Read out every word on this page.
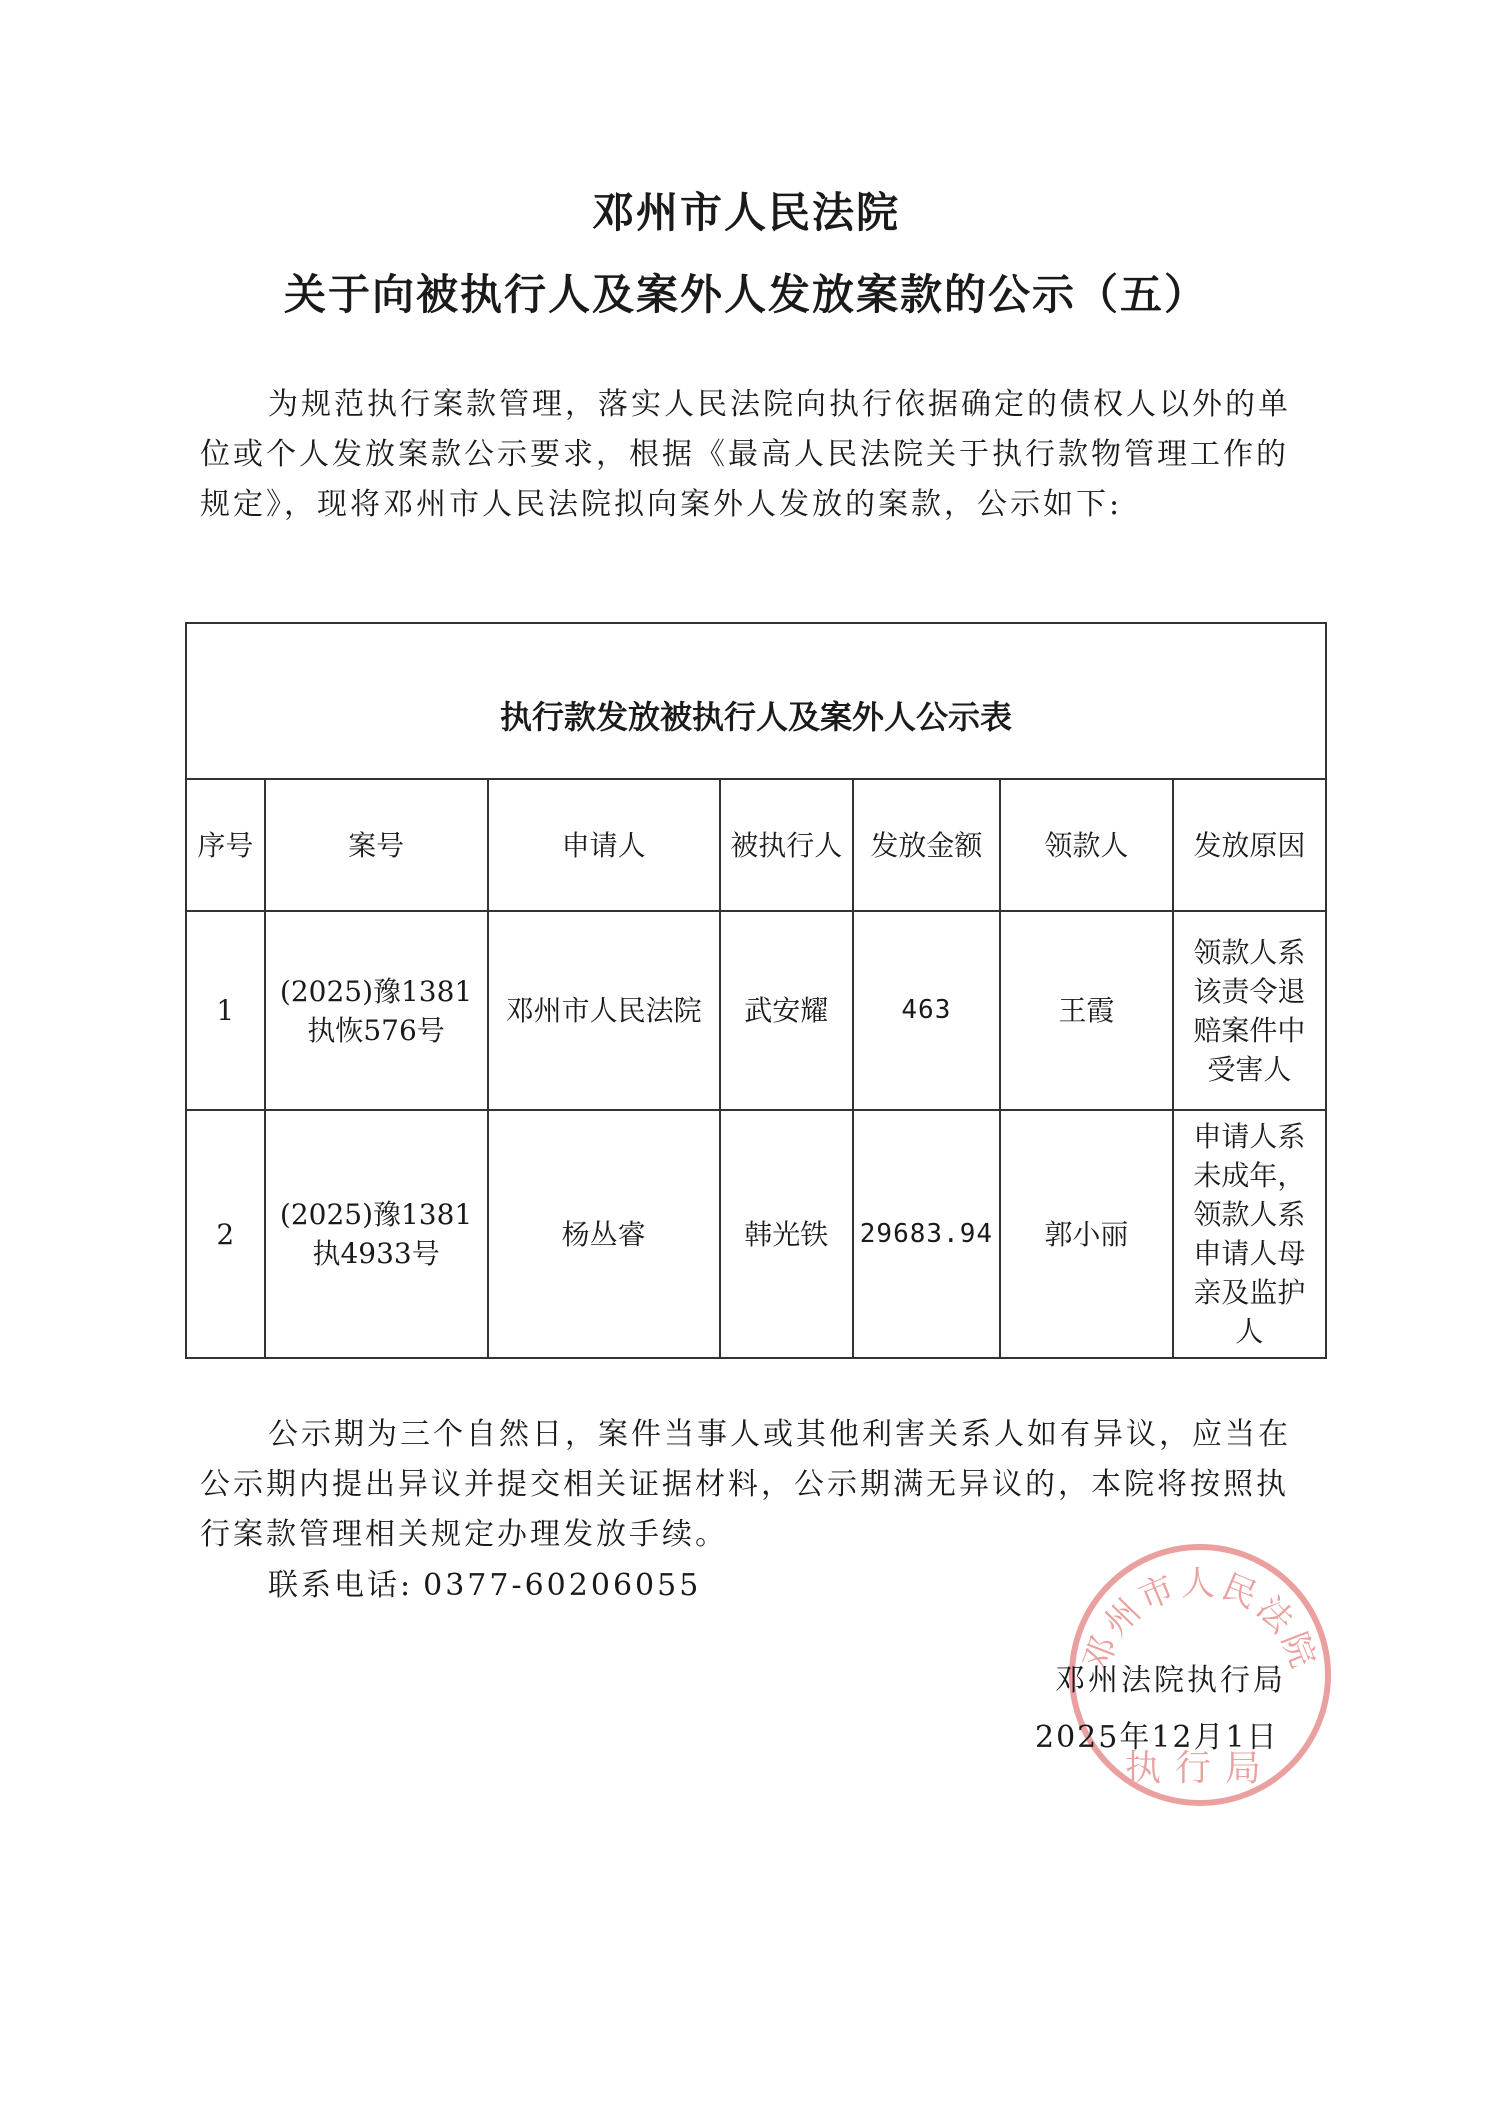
邓州市人民法院
关于向被执行人及案外人发放案款的公示（五）
为规范执行案款管理，落实人民法院向执行依据确定的债权人以外的单位或个人发放案款公示要求，根据《最高人民法院关于执行款物管理工作的规定》，现将邓州市人民法院拟向案外人发放的案款，公示如下:
执行款发放被执行人及案外人公示表						
序号	案号	申请人	被执行人	发放金额	领款人	发放原因
1	(2025)豫1381执恢576号	邓州市人民法院	武安耀	463	王霞	领款人系该责令退赔案件中受害人
2	(2025)豫1381执4933号	杨丛睿	韩光铁	29683.94	郭小丽	申请人系未成年，领款人系申请人母亲及监护人
公示期为三个自然日，案件当事人或其他利害关系人如有异议，应当在公示期内提出异议并提交相关证据材料，公示期满无异议的，本院将按照执行案款管理相关规定办理发放手续。
联系电话: 0377-60206055
邓州市人民法院
执行局
邓州法院执行局
2025年12月1日
